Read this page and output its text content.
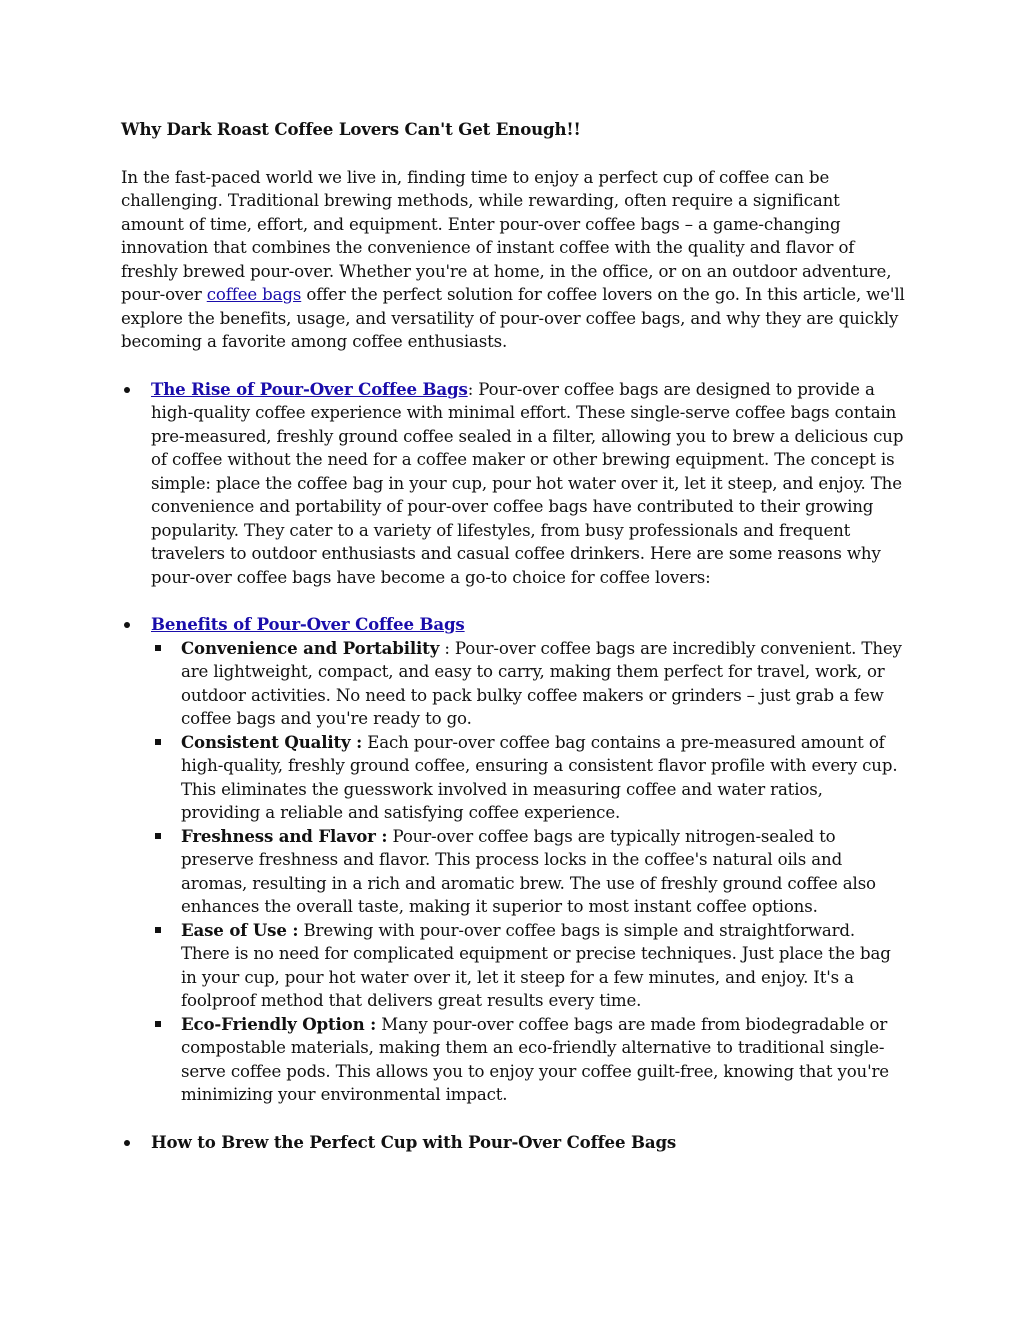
Why Dark Roast Coffee Lovers Can't Get Enough!!

In the fast-paced world we live in, finding time to enjoy a perfect cup of coffee can be challenging. Traditional brewing methods, while rewarding, often require a significant amount of time, effort, and equipment. Enter pour-over coffee bags – a game-changing innovation that combines the convenience of instant coffee with the quality and flavor of freshly brewed pour-over. Whether you're at home, in the office, or on an outdoor adventure, pour-over coffee bags offer the perfect solution for coffee lovers on the go. In this article, we'll explore the benefits, usage, and versatility of pour-over coffee bags, and why they are quickly becoming a favorite among coffee enthusiasts.

The Rise of Pour-Over Coffee Bags: Pour-over coffee bags are designed to provide a high-quality coffee experience with minimal effort. These single-serve coffee bags contain pre-measured, freshly ground coffee sealed in a filter, allowing you to brew a delicious cup of coffee without the need for a coffee maker or other brewing equipment. The concept is simple: place the coffee bag in your cup, pour hot water over it, let it steep, and enjoy. The convenience and portability of pour-over coffee bags have contributed to their growing popularity. They cater to a variety of lifestyles, from busy professionals and frequent travelers to outdoor enthusiasts and casual coffee drinkers. Here are some reasons why pour-over coffee bags have become a go-to choice for coffee lovers:
Benefits of Pour-Over Coffee Bags
Convenience and Portability : Pour-over coffee bags are incredibly convenient. They are lightweight, compact, and easy to carry, making them perfect for travel, work, or outdoor activities. No need to pack bulky coffee makers or grinders – just grab a few coffee bags and you're ready to go.
Consistent Quality : Each pour-over coffee bag contains a pre-measured amount of high-quality, freshly ground coffee, ensuring a consistent flavor profile with every cup. This eliminates the guesswork involved in measuring coffee and water ratios, providing a reliable and satisfying coffee experience.
Freshness and Flavor : Pour-over coffee bags are typically nitrogen-sealed to preserve freshness and flavor. This process locks in the coffee's natural oils and aromas, resulting in a rich and aromatic brew. The use of freshly ground coffee also enhances the overall taste, making it superior to most instant coffee options.
Ease of Use : Brewing with pour-over coffee bags is simple and straightforward. There is no need for complicated equipment or precise techniques. Just place the bag in your cup, pour hot water over it, let it steep for a few minutes, and enjoy. It's a foolproof method that delivers great results every time.
Eco-Friendly Option : Many pour-over coffee bags are made from biodegradable or compostable materials, making them an eco-friendly alternative to traditional single-serve coffee pods. This allows you to enjoy your coffee guilt-free, knowing that you're minimizing your environmental impact.
How to Brew the Perfect Cup with Pour-Over Coffee Bags
